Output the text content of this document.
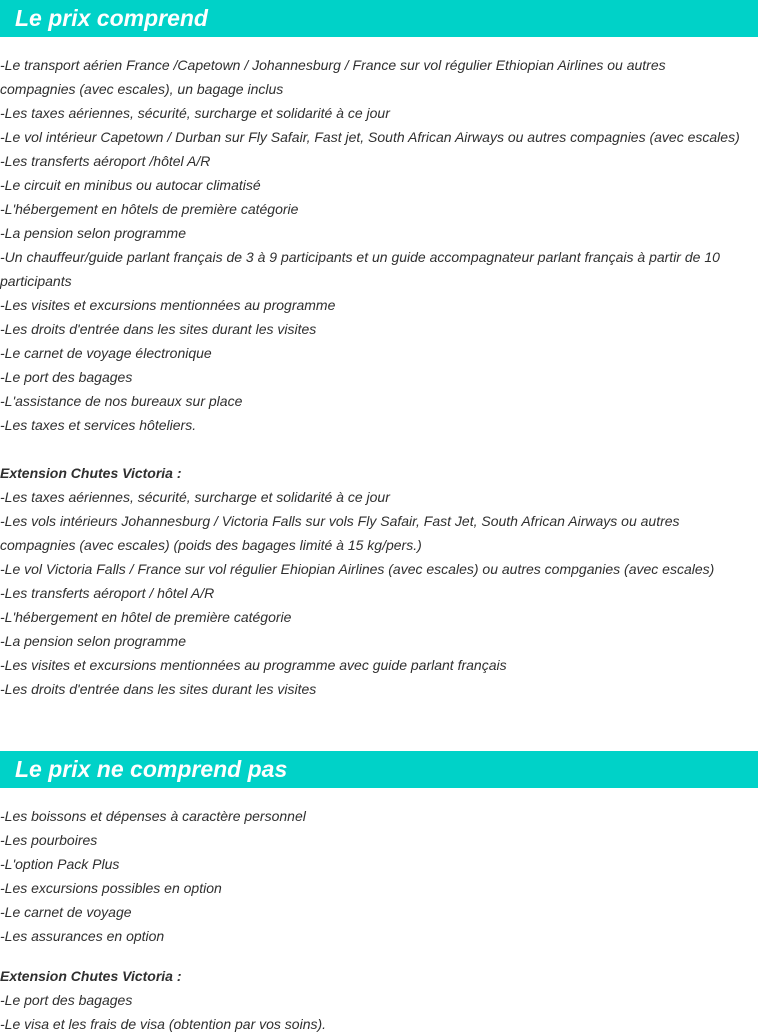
Le prix comprend
-Le transport aérien France /Capetown / Johannesburg / France sur vol régulier Ethiopian Airlines ou autres
compagnies (avec escales), un bagage inclus
-Les taxes aériennes, sécurité, surcharge et solidarité à ce jour
-Le vol intérieur Capetown / Durban sur Fly Safair, Fast jet, South African Airways ou autres compagnies (avec escales)
-Les transferts aéroport /hôtel A/R
-Le circuit en minibus ou autocar climatisé
-L'hébergement en hôtels de première catégorie
-La pension selon programme
-Un chauffeur/guide parlant français de 3 à 9 participants et un guide accompagnateur parlant français à partir de 10
participants
-Les visites et excursions mentionnées au programme
-Les droits d'entrée dans les sites durant les visites
-Le carnet de voyage électronique
-Le port des bagages
-L'assistance de nos bureaux sur place
-Les taxes et services hôteliers.
Extension Chutes Victoria :
-Les taxes aériennes, sécurité, surcharge et solidarité à ce jour
-Les vols intérieurs Johannesburg / Victoria Falls sur vols Fly Safair, Fast Jet, South African Airways ou autres
compagnies (avec escales) (poids des bagages limité à 15 kg/pers.)
-Le vol Victoria Falls / France sur vol régulier Ehiopian Airlines (avec escales) ou autres compganies (avec escales)
-Les transferts aéroport / hôtel A/R
-L'hébergement en hôtel de première catégorie
-La pension selon programme
-Les visites et excursions mentionnées au programme avec guide parlant français
-Les droits d'entrée dans les sites durant les visites
Le prix ne comprend pas
-Les boissons et dépenses à caractère personnel
-Les pourboires
-L'option Pack Plus
-Les excursions possibles en option
-Le carnet de voyage
-Les assurances en option
Extension Chutes Victoria :
-Le port des bagages
-Le visa et les frais de visa (obtention par vos soins).
